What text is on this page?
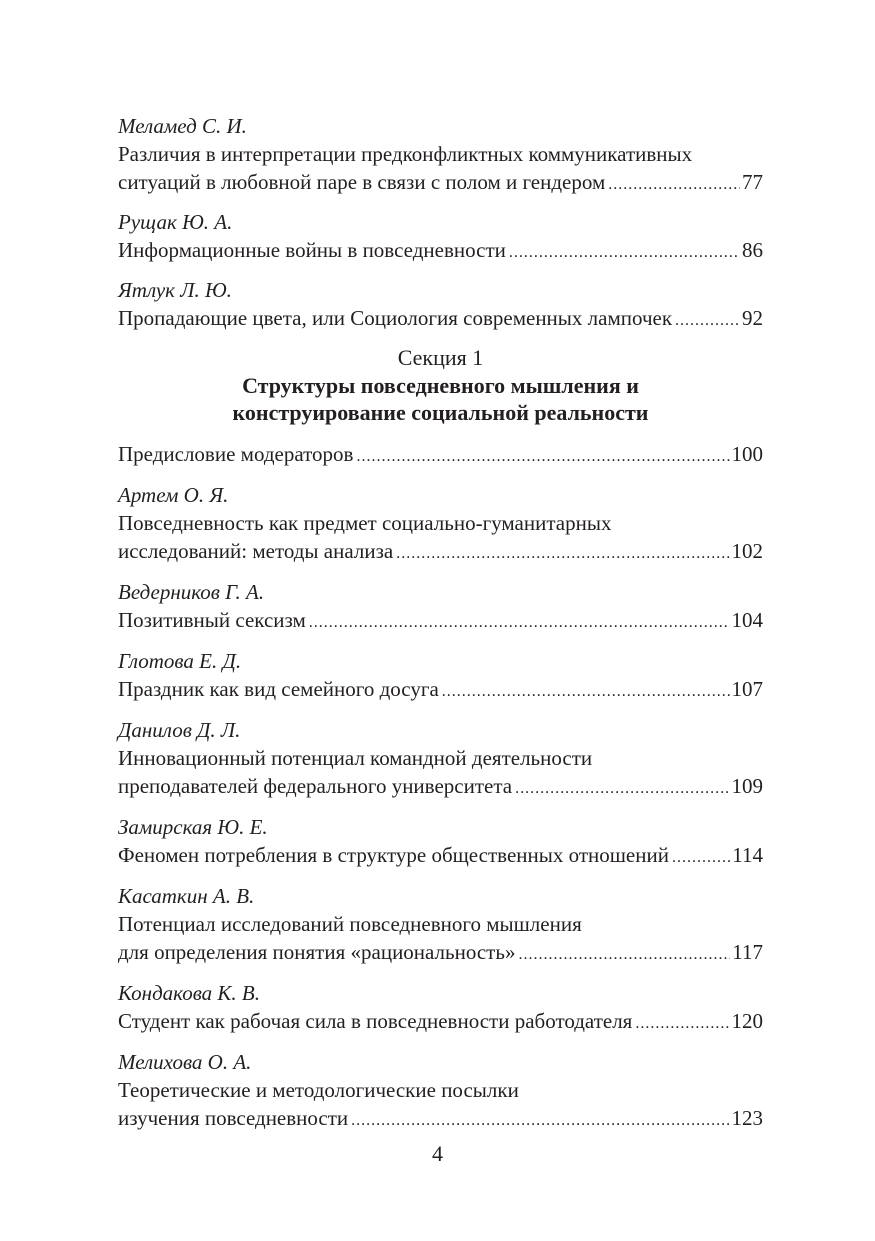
Меламед С. И.
Различия в интерпретации предконфликтных коммуникативных
ситуаций в любовной паре в связи с полом и гендером .....	77
Рущак Ю. А.
Информационные войны в повседневности .....	86
Ятлук Л. Ю.
Пропадающие цвета, или Социология современных лампочек .....	92
Секция 1
Структуры повседневного мышления и
конструирование социальной реальности
Предисловие модераторов .....	100
Артем О. Я.
Повседневность как предмет социально-гуманитарных
исследований: методы анализа .....	102
Ведерников Г. А.
Позитивный сексизм .....	104
Глотова Е. Д.
Праздник как вид семейного досуга .....	107
Данилов Д. Л.
Инновационный потенциал командной деятельности
преподавателей федерального университета .....	109
Замирская Ю. Е.
Феномен потребления в структуре общественных отношений .....	114
Касаткин А. В.
Потенциал исследований повседневного мышления
для определения понятия «рациональность» .....	117
Кондакова К. В.
Студент как рабочая сила в повседневности работодателя .....	120
Мелихова О. А.
Теоретические и методологические посылки
изучения повседневности .....	123
4
